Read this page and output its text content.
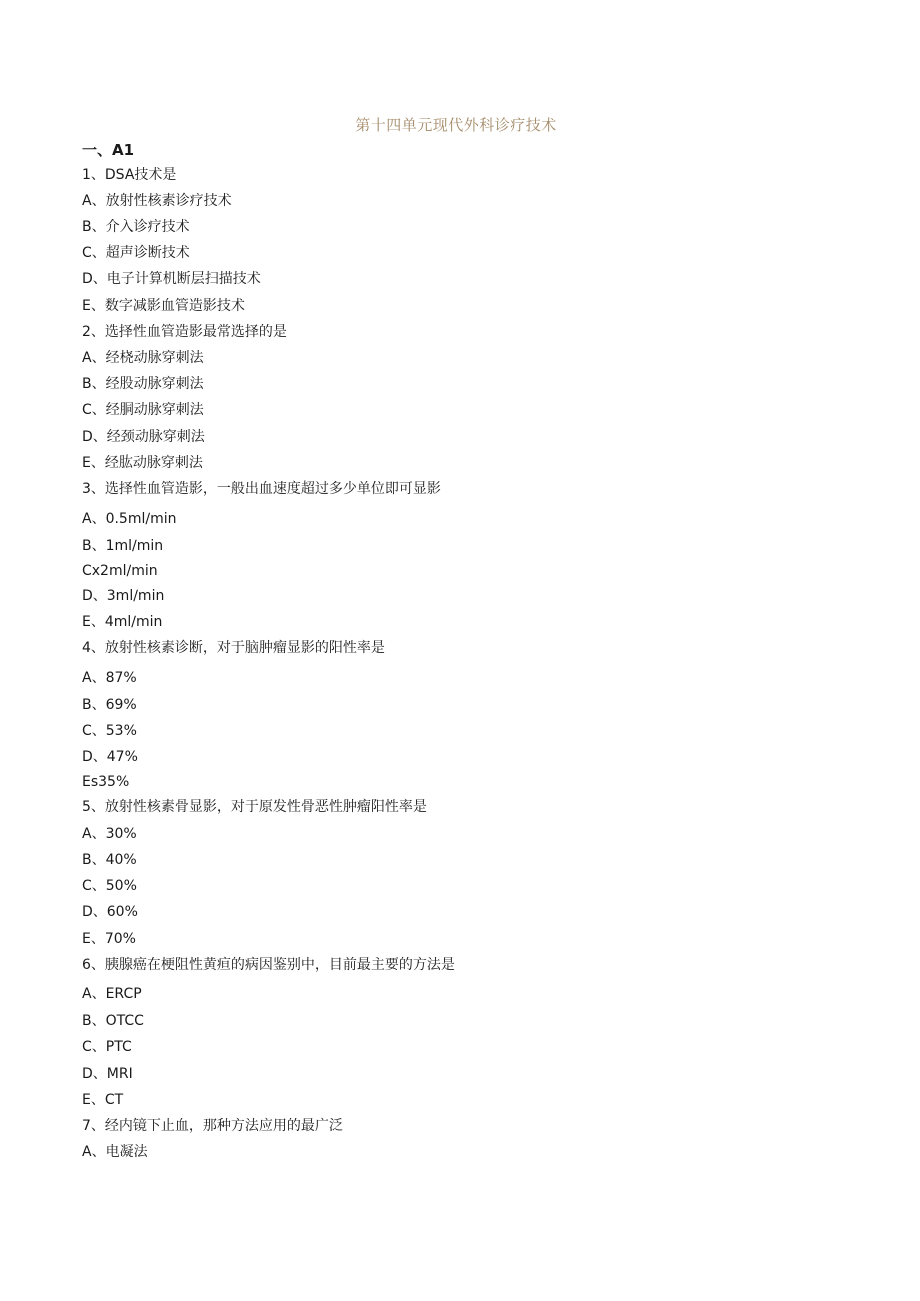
第十四单元现代外科诊疗技术
一、A1
1、DSA技术是
A、放射性核素诊疗技术
B、介入诊疗技术
C、超声诊断技术
D、电子计算机断层扫描技术
E、数字减影血管造影技术
2、选择性血管造影最常选择的是
A、经桡动脉穿刺法
B、经股动脉穿刺法
C、经胴动脉穿刺法
D、经颈动脉穿刺法
E、经肱动脉穿刺法
3、选择性血管造影，一般出血速度超过多少单位即可显影
A、0.5ml∕min
B、1ml∕min
Cx2ml∕min
D、3ml∕min
E、4ml∕min
4、放射性核素诊断，对于脑肿瘤显影的阳性率是
A、87%
B、69%
C、53%
D、47%
Es35%
5、放射性核素骨显影，对于原发性骨恶性肿瘤阳性率是
A、30%
B、40%
C、50%
D、60%
E、70%
6、胰腺癌在梗阻性黄疸的病因鉴别中，目前最主要的方法是
A、ERCP
B、OTCC
C、PTC
D、MRI
E、CT
7、经内镜下止血，那种方法应用的最广泛
A、电凝法
